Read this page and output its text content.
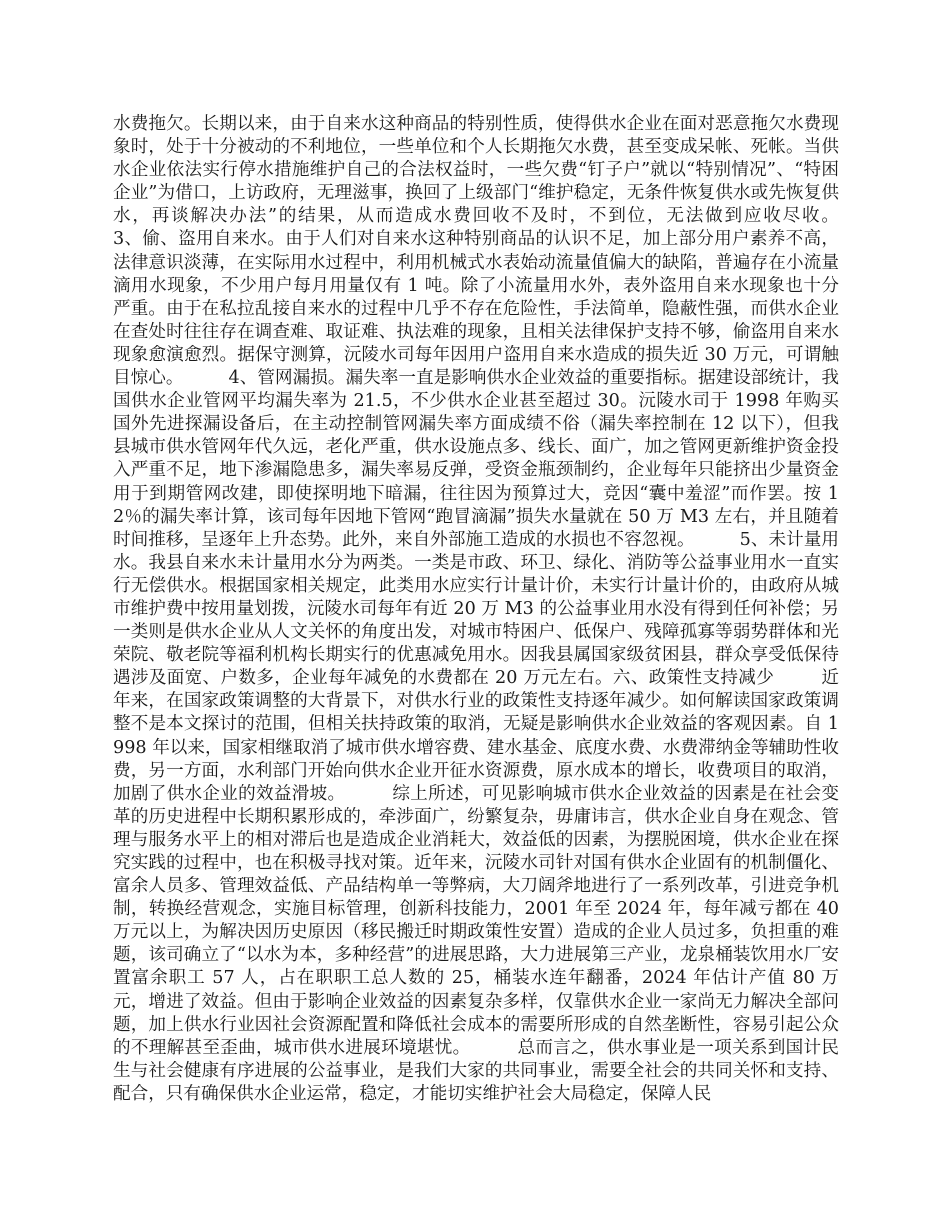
水费拖欠。长期以来，由于自来水这种商品的特别性质，使得供水企业在面对恶意拖欠水费现象时，处于十分被动的不利地位，一些单位和个人长期拖欠水费，甚至变成呆帐、死帐。当供水企业依法实行停水措施维护自己的合法权益时，一些欠费“钉子户”就以“特别情况”、“特困企业”为借口，上访政府，无理滋事，换回了上级部门“维护稳定，无条件恢复供水或先恢复供水，再谈解决办法”的结果，从而造成水费回收不及时，不到位，无法做到应收尽收。        3、偷、盗用自来水。由于人们对自来水这种特别商品的认识不足，加上部分用户素养不高，法律意识淡薄，在实际用水过程中，利用机械式水表始动流量值偏大的缺陷，普遍存在小流量滴用水现象，不少用户每月用量仅有 1 吨。除了小流量用水外，表外盗用自来水现象也十分严重。由于在私拉乱接自来水的过程中几乎不存在危险性，手法简单，隐蔽性强，而供水企业在查处时往往存在调查难、取证难、执法难的现象，且相关法律保护支持不够，偷盗用自来水现象愈演愈烈。据保守测算，沅陵水司每年因用户盗用自来水造成的损失近 30 万元，可谓触目惊心。        4、管网漏损。漏失率一直是影响供水企业效益的重要指标。据建设部统计，我国供水企业管网平均漏失率为 21.5，不少供水企业甚至超过 30。沅陵水司于 1998 年购买国外先进探漏设备后，在主动控制管网漏失率方面成绩不俗（漏失率控制在 12 以下），但我县城市供水管网年代久远，老化严重，供水设施点多、线长、面广，加之管网更新维护资金投入严重不足，地下渗漏隐患多，漏失率易反弹，受资金瓶颈制约，企业每年只能挤出少量资金用于到期管网改建，即使探明地下暗漏，往往因为预算过大，竞因“囊中羞涩”而作罢。按 12％的漏失率计算，该司每年因地下管网“跑冒滴漏”损失水量就在 50 万 M3 左右，并且随着时间推移，呈逐年上升态势。此外，来自外部施工造成的水损也不容忽视。        5、未计量用水。我县自来水未计量用水分为两类。一类是市政、环卫、绿化、消防等公益事业用水一直实行无偿供水。根据国家相关规定，此类用水应实行计量计价，未实行计量计价的，由政府从城市维护费中按用量划拨，沅陵水司每年有近 20 万 M3 的公益事业用水没有得到任何补偿；另一类则是供水企业从人文关怀的角度出发，对城市特困户、低保户、残障孤寡等弱势群体和光荣院、敬老院等福利机构长期实行的优惠减免用水。因我县属国家级贫困县，群众享受低保待遇涉及面宽、户数多，企业每年减免的水费都在 20 万元左右。六、政策性支持减少        近年来，在国家政策调整的大背景下，对供水行业的政策性支持逐年减少。如何解读国家政策调整不是本文探讨的范围，但相关扶持政策的取消，无疑是影响供水企业效益的客观因素。自 1998 年以来，国家相继取消了城市供水增容费、建水基金、底度水费、水费滞纳金等辅助性收费，另一方面，水利部门开始向供水企业开征水资源费，原水成本的增长，收费项目的取消，加剧了供水企业的效益滑坡。        综上所述，可见影响城市供水企业效益的因素是在社会变革的历史进程中长期积累形成的，牵涉面广，纷繁复杂，毋庸讳言，供水企业自身在观念、管理与服务水平上的相对滞后也是造成企业消耗大，效益低的因素，为摆脱困境，供水企业在探究实践的过程中，也在积极寻找对策。近年来，沅陵水司针对国有供水企业固有的机制僵化、富余人员多、管理效益低、产品结构单一等弊病，大刀阔斧地进行了一系列改革，引进竞争机制，转换经营观念，实施目标管理，创新科技能力，2001 年至 2024 年，每年减亏都在 40 万元以上，为解决因历史原因（移民搬迁时期政策性安置）造成的企业人员过多，负担重的难题，该司确立了“以水为本，多种经营”的进展思路，大力进展第三产业，龙泉桶装饮用水厂安置富余职工 57 人，占在职职工总人数的 25，桶装水连年翻番，2024 年估计产值 80 万元，增进了效益。但由于影响企业效益的因素复杂多样，仅靠供水企业一家尚无力解决全部问题，加上供水行业因社会资源配置和降低社会成本的需要所形成的自然垄断性，容易引起公众的不理解甚至歪曲，城市供水进展环境堪忧。        总而言之，供水事业是一项关系到国计民生与社会健康有序进展的公益事业，是我们大家的共同事业，需要全社会的共同关怀和支持、配合，只有确保供水企业运常，稳定，才能切实维护社会大局稳定，保障人民
